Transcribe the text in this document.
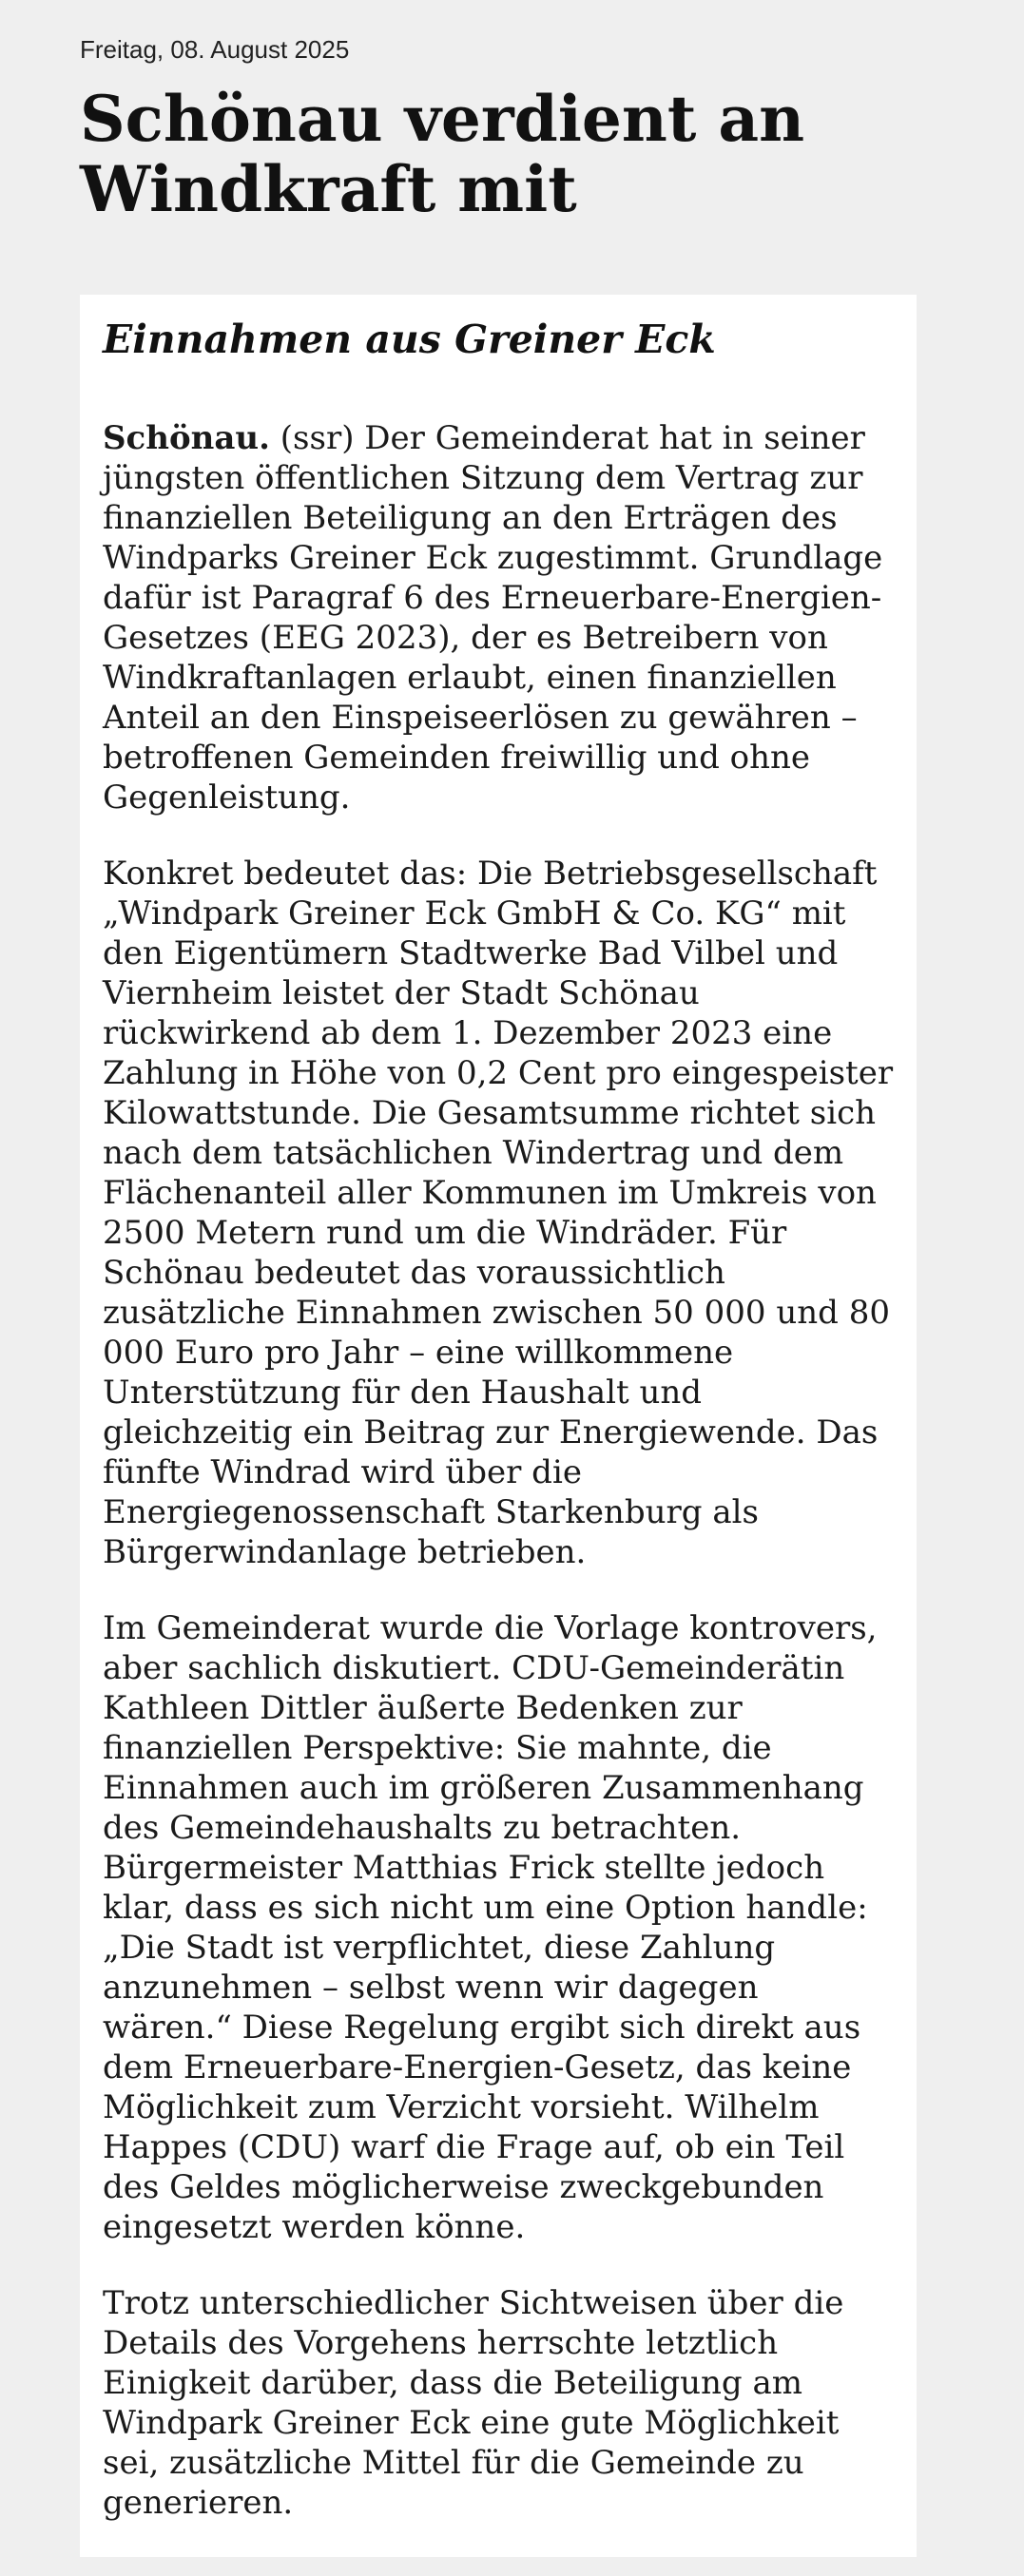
Freitag, 08. August 2025

Schönau verdient an Windkraft mit
Einnahmen aus Greiner Eck

Schönau. (ssr) Der Gemeinderat hat in seiner jüngsten öffentlichen Sitzung dem Vertrag zur finanziellen Beteiligung an den Erträgen des Windparks Greiner Eck zugestimmt. Grundlage dafür ist Paragraf 6 des Erneuerbare-Energien-Gesetzes (EEG 2023), der es Betreibern von Windkraftanlagen erlaubt, einen finanziellen Anteil an den Einspeiseerlösen zu gewähren – betroffenen Gemeinden freiwillig und ohne Gegenleistung.

Konkret bedeutet das: Die Betriebsgesellschaft „Windpark Greiner Eck GmbH & Co. KG“ mit den Eigentümern Stadtwerke Bad Vilbel und Viernheim leistet der Stadt Schönau rückwirkend ab dem 1. Dezember 2023 eine Zahlung in Höhe von 0,2 Cent pro eingespeister Kilowattstunde. Die Gesamtsumme richtet sich nach dem tatsächlichen Windertrag und dem Flächenanteil aller Kommunen im Umkreis von 2500 Metern rund um die Windräder. Für Schönau bedeutet das voraussichtlich zusätzliche Einnahmen zwischen 50 000 und 80 000 Euro pro Jahr – eine willkommene Unterstützung für den Haushalt und gleichzeitig ein Beitrag zur Energiewende. Das fünfte Windrad wird über die Energiegenossenschaft Starkenburg als Bürgerwindanlage betrieben.

Im Gemeinderat wurde die Vorlage kontrovers, aber sachlich diskutiert. CDU-Gemeinderätin Kathleen Dittler äußerte Bedenken zur finanziellen Perspektive: Sie mahnte, die Einnahmen auch im größeren Zusammenhang des Gemeindehaushalts zu betrachten. Bürgermeister Matthias Frick stellte jedoch klar, dass es sich nicht um eine Option handle: „Die Stadt ist verpflichtet, diese Zahlung anzunehmen – selbst wenn wir dagegen wären.“ Diese Regelung ergibt sich direkt aus dem Erneuerbare-Energien-Gesetz, das keine Möglichkeit zum Verzicht vorsieht. Wilhelm Happes (CDU) warf die Frage auf, ob ein Teil des Geldes möglicherweise zweckgebunden eingesetzt werden könne.

Trotz unterschiedlicher Sichtweisen über die Details des Vorgehens herrschte letztlich Einigkeit darüber, dass die Beteiligung am Windpark Greiner Eck eine gute Möglichkeit sei, zusätzliche Mittel für die Gemeinde zu generieren.
